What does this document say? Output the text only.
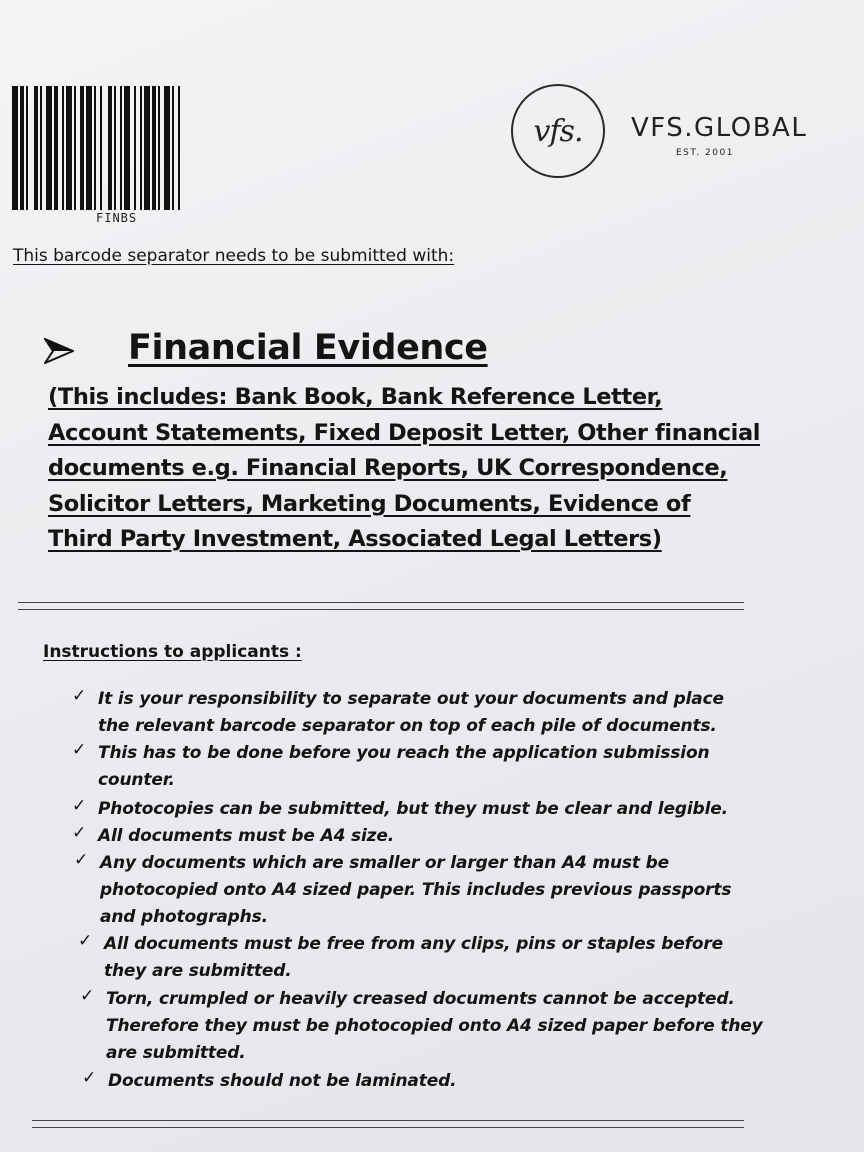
FINBS
vfs. VFS.GLOBAL
EST. 2001
This barcode separator needs to be submitted with:
Financial Evidence
(This includes: Bank Book, Bank Reference Letter,
Account Statements, Fixed Deposit Letter, Other financial
documents e.g. Financial Reports, UK Correspondence,
Solicitor Letters, Marketing Documents, Evidence of
Third Party Investment, Associated Legal Letters)
Instructions to applicants :
✓ It is your responsibility to separate out your documents and place
the relevant barcode separator on top of each pile of documents.
✓ This has to be done before you reach the application submission
counter.
✓ Photocopies can be submitted, but they must be clear and legible.
✓ All documents must be A4 size.
✓ Any documents which are smaller or larger than A4 must be
photocopied onto A4 sized paper. This includes previous passports
and photographs.
✓ All documents must be free from any clips, pins or staples before
they are submitted.
✓ Torn, crumpled or heavily creased documents cannot be accepted.
Therefore they must be photocopied onto A4 sized paper before they
are submitted.
✓ Documents should not be laminated.
